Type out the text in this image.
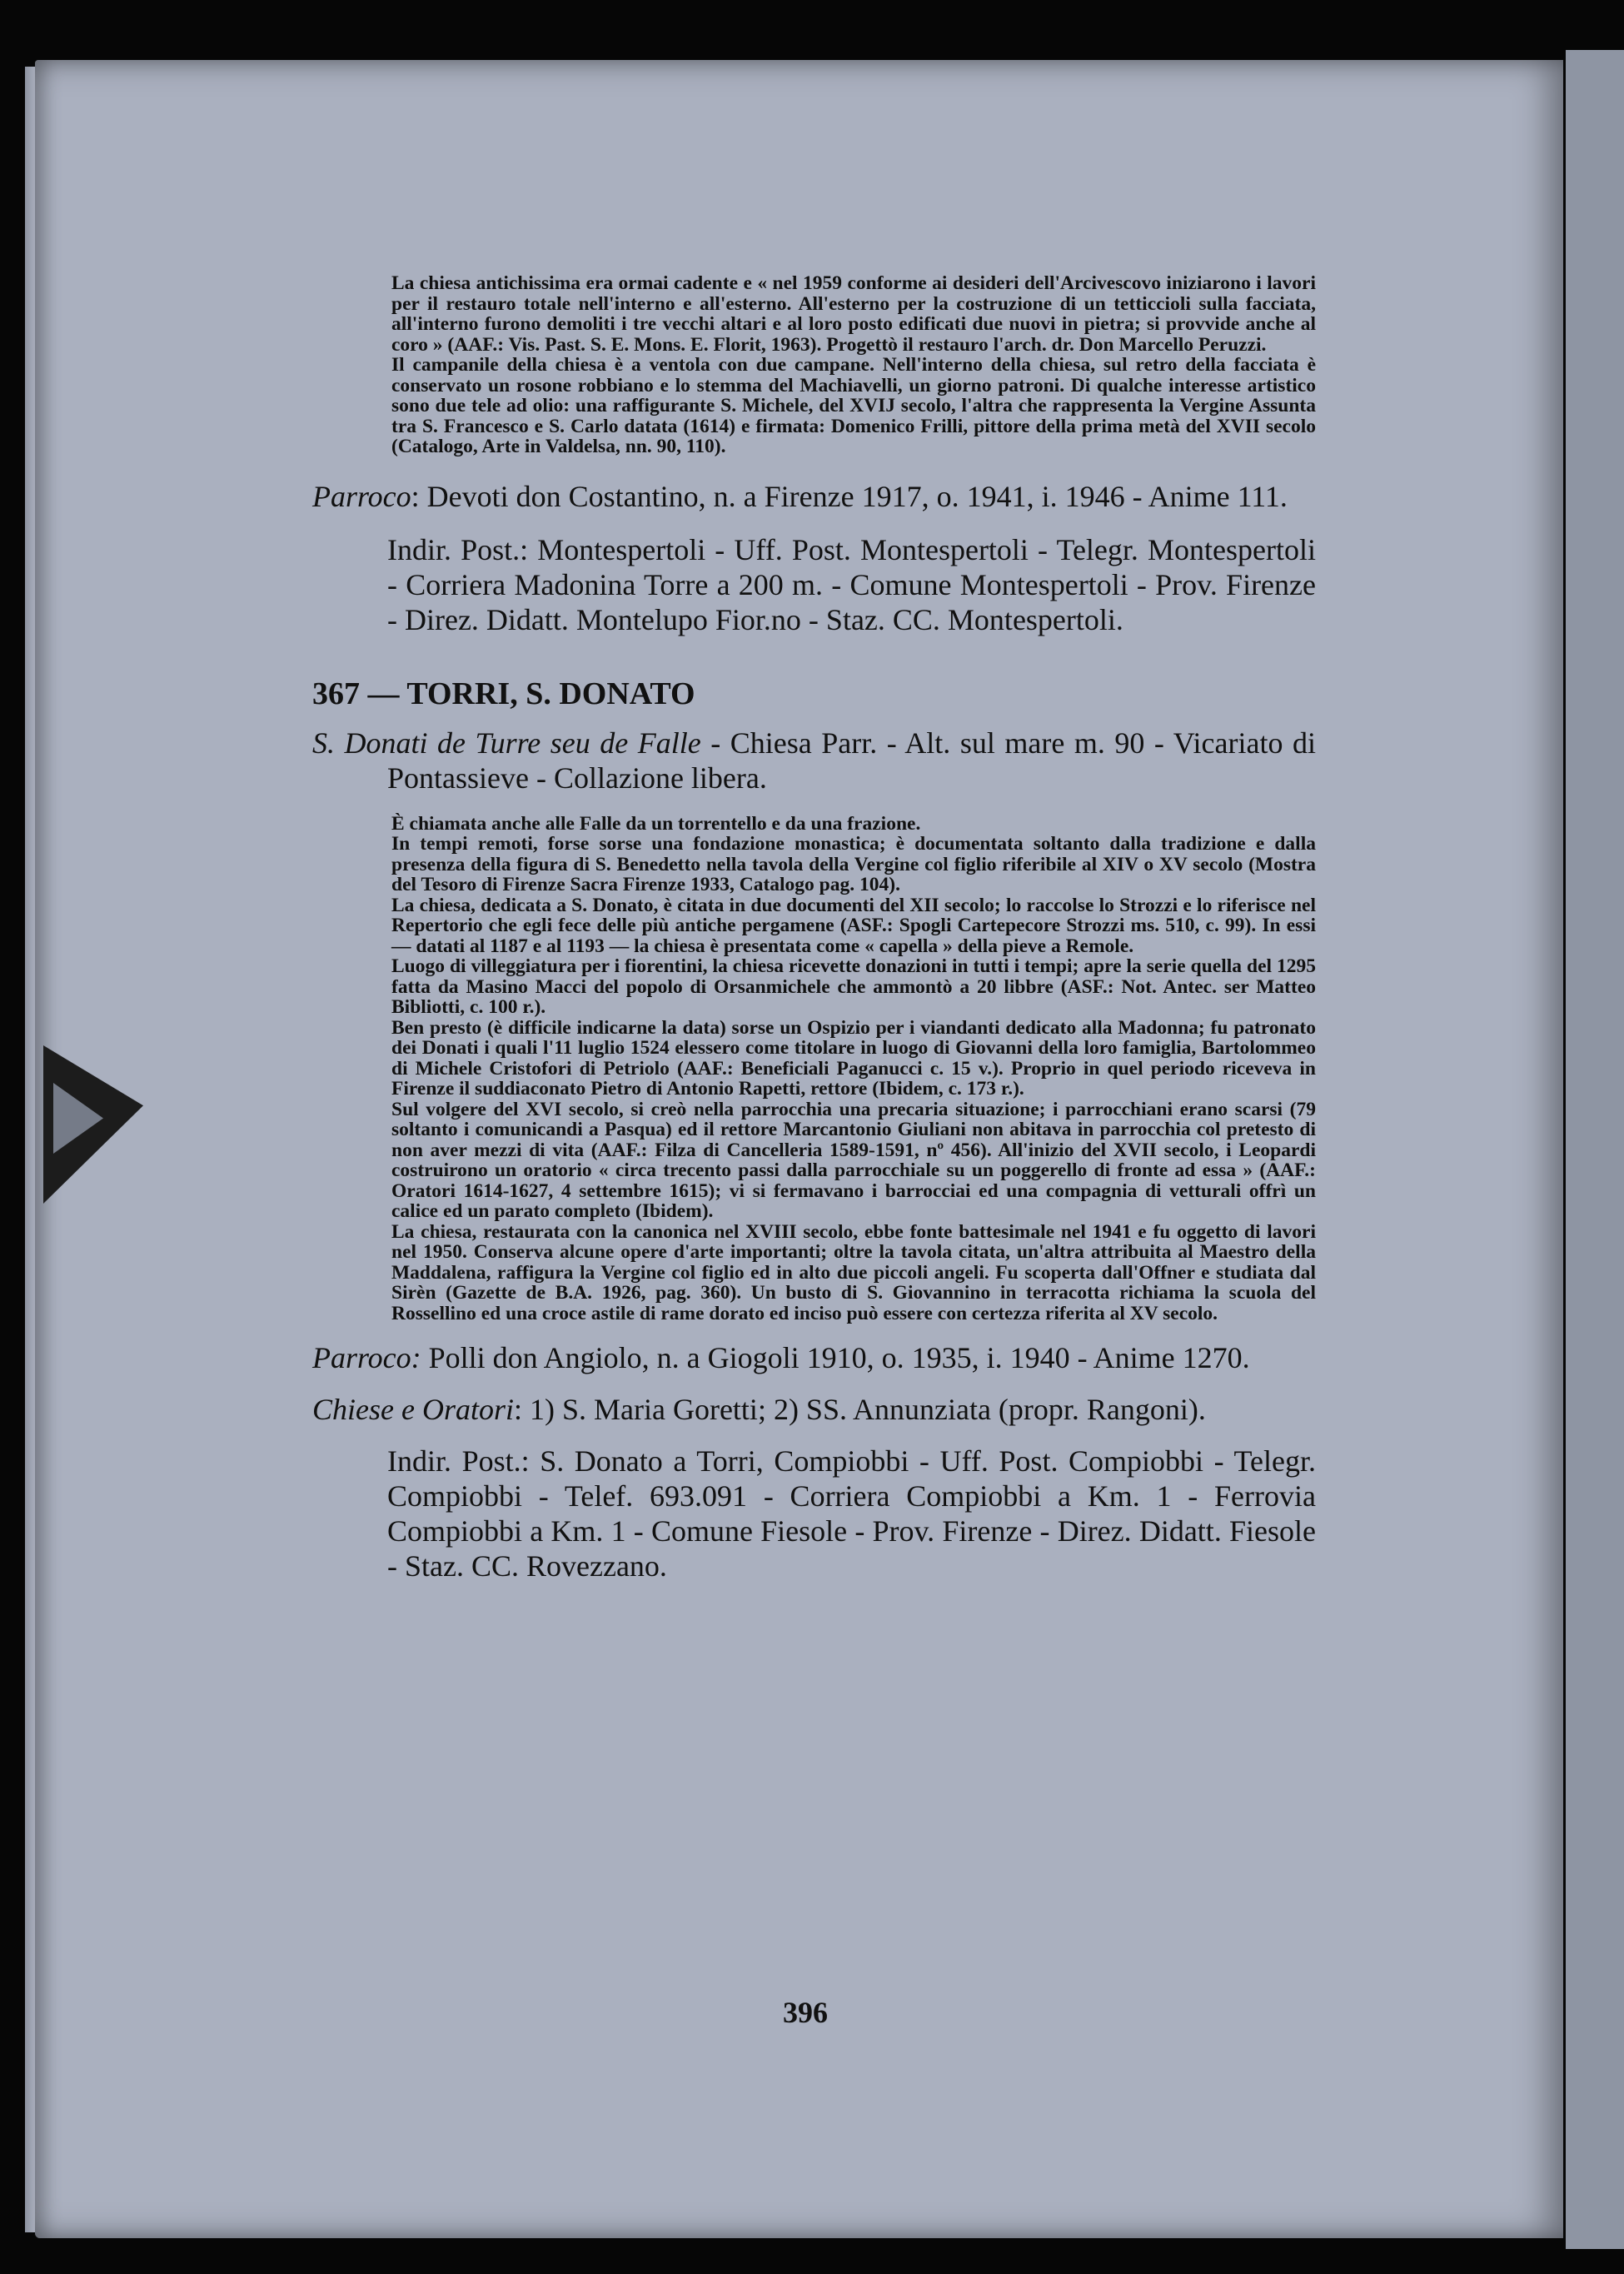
La chiesa antichissima era ormai cadente e « nel 1959 conforme ai desideri dell'Arcivescovo iniziarono i lavori per il restauro totale nell'interno e all'esterno. All'esterno per la costruzione di un tetticcioli sulla facciata, all'interno furono demoliti i tre vecchi altari e al loro posto edificati due nuovi in pietra; si provvide anche al coro » (AAF.: Vis. Past. S. E. Mons. E. Florit, 1963). Progettò il restauro l'arch. dr. Don Marcello Peruzzi.

Il campanile della chiesa è a ventola con due campane. Nell'interno della chiesa, sul retro della facciata è conservato un rosone robbiano e lo stemma del Machiavelli, un giorno patroni. Di qualche interesse artistico sono due tele ad olio: una raffigurante S. Michele, del XVIJ secolo, l'altra che rappresenta la Vergine Assunta tra S. Francesco e S. Carlo datata (1614) e firmata: Domenico Frilli, pittore della prima metà del XVII secolo (Catalogo, Arte in Valdelsa, nn. 90, 110).

Parroco: Devoti don Costantino, n. a Firenze 1917, o. 1941, i. 1946 - Anime 111.

Indir. Post.: Montespertoli - Uff. Post. Montespertoli - Telegr. Montespertoli - Corriera Madonina Torre a 200 m. - Comune Montespertoli - Prov. Firenze - Direz. Didatt. Montelupo Fior.no - Staz. CC. Montespertoli.

367 — TORRI, S. DONATO

S. Donati de Turre seu de Falle - Chiesa Parr. - Alt. sul mare m. 90 - Vicariato di Pontassieve - Collazione libera.

È chiamata anche alle Falle da un torrentello e da una frazione.

In tempi remoti, forse sorse una fondazione monastica; è documentata soltanto dalla tradizione e dalla presenza della figura di S. Benedetto nella tavola della Vergine col figlio riferibile al XIV o XV secolo (Mostra del Tesoro di Firenze Sacra Firenze 1933, Catalogo pag. 104).

La chiesa, dedicata a S. Donato, è citata in due documenti del XII secolo; lo raccolse lo Strozzi e lo riferisce nel Repertorio che egli fece delle più antiche pergamene (ASF.: Spogli Cartepecore Strozzi ms. 510, c. 99). In essi — datati al 1187 e al 1193 — la chiesa è presentata come « capella » della pieve a Remole.

Luogo di villeggiatura per i fiorentini, la chiesa ricevette donazioni in tutti i tempi; apre la serie quella del 1295 fatta da Masino Macci del popolo di Orsanmichele che ammontò a 20 libbre (ASF.: Not. Antec. ser Matteo Bibliotti, c. 100 r.).

Ben presto (è difficile indicarne la data) sorse un Ospizio per i viandanti dedicato alla Madonna; fu patronato dei Donati i quali l'11 luglio 1524 elessero come titolare in luogo di Giovanni della loro famiglia, Bartolommeo di Michele Cristofori di Petriolo (AAF.: Beneficiali Paganucci c. 15 v.). Proprio in quel periodo riceveva in Firenze il suddiaconato Pietro di Antonio Rapetti, rettore (Ibidem, c. 173 r.).

Sul volgere del XVI secolo, si creò nella parrocchia una precaria situazione; i parrocchiani erano scarsi (79 soltanto i comunicandi a Pasqua) ed il rettore Marcantonio Giuliani non abitava in parrocchia col pretesto di non aver mezzi di vita (AAF.: Filza di Cancelleria 1589-1591, nº 456). All'inizio del XVII secolo, i Leopardi costruirono un oratorio « circa trecento passi dalla parrocchiale su un poggerello di fronte ad essa » (AAF.: Oratori 1614-1627, 4 settembre 1615); vi si fermavano i barrocciai ed una compagnia di vetturali offrì un calice ed un parato completo (Ibidem).

La chiesa, restaurata con la canonica nel XVIII secolo, ebbe fonte battesimale nel 1941 e fu oggetto di lavori nel 1950. Conserva alcune opere d'arte importanti; oltre la tavola citata, un'altra attribuita al Maestro della Maddalena, raffigura la Vergine col figlio ed in alto due piccoli angeli. Fu scoperta dall'Offner e studiata dal Sirèn (Gazette de B.A. 1926, pag. 360). Un busto di S. Giovannino in terracotta richiama la scuola del Rossellino ed una croce astile di rame dorato ed inciso può essere con certezza riferita al XV secolo.

Parroco: Polli don Angiolo, n. a Giogoli 1910, o. 1935, i. 1940 - Anime 1270.

Chiese e Oratori: 1) S. Maria Goretti; 2) SS. Annunziata (propr. Rangoni).

Indir. Post.: S. Donato a Torri, Compiobbi - Uff. Post. Compiobbi - Telegr. Compiobbi - Telef. 693.091 - Corriera Compiobbi a Km. 1 - Ferrovia Compiobbi a Km. 1 - Comune Fiesole - Prov. Firenze - Direz. Didatt. Fiesole - Staz. CC. Rovezzano.

396
